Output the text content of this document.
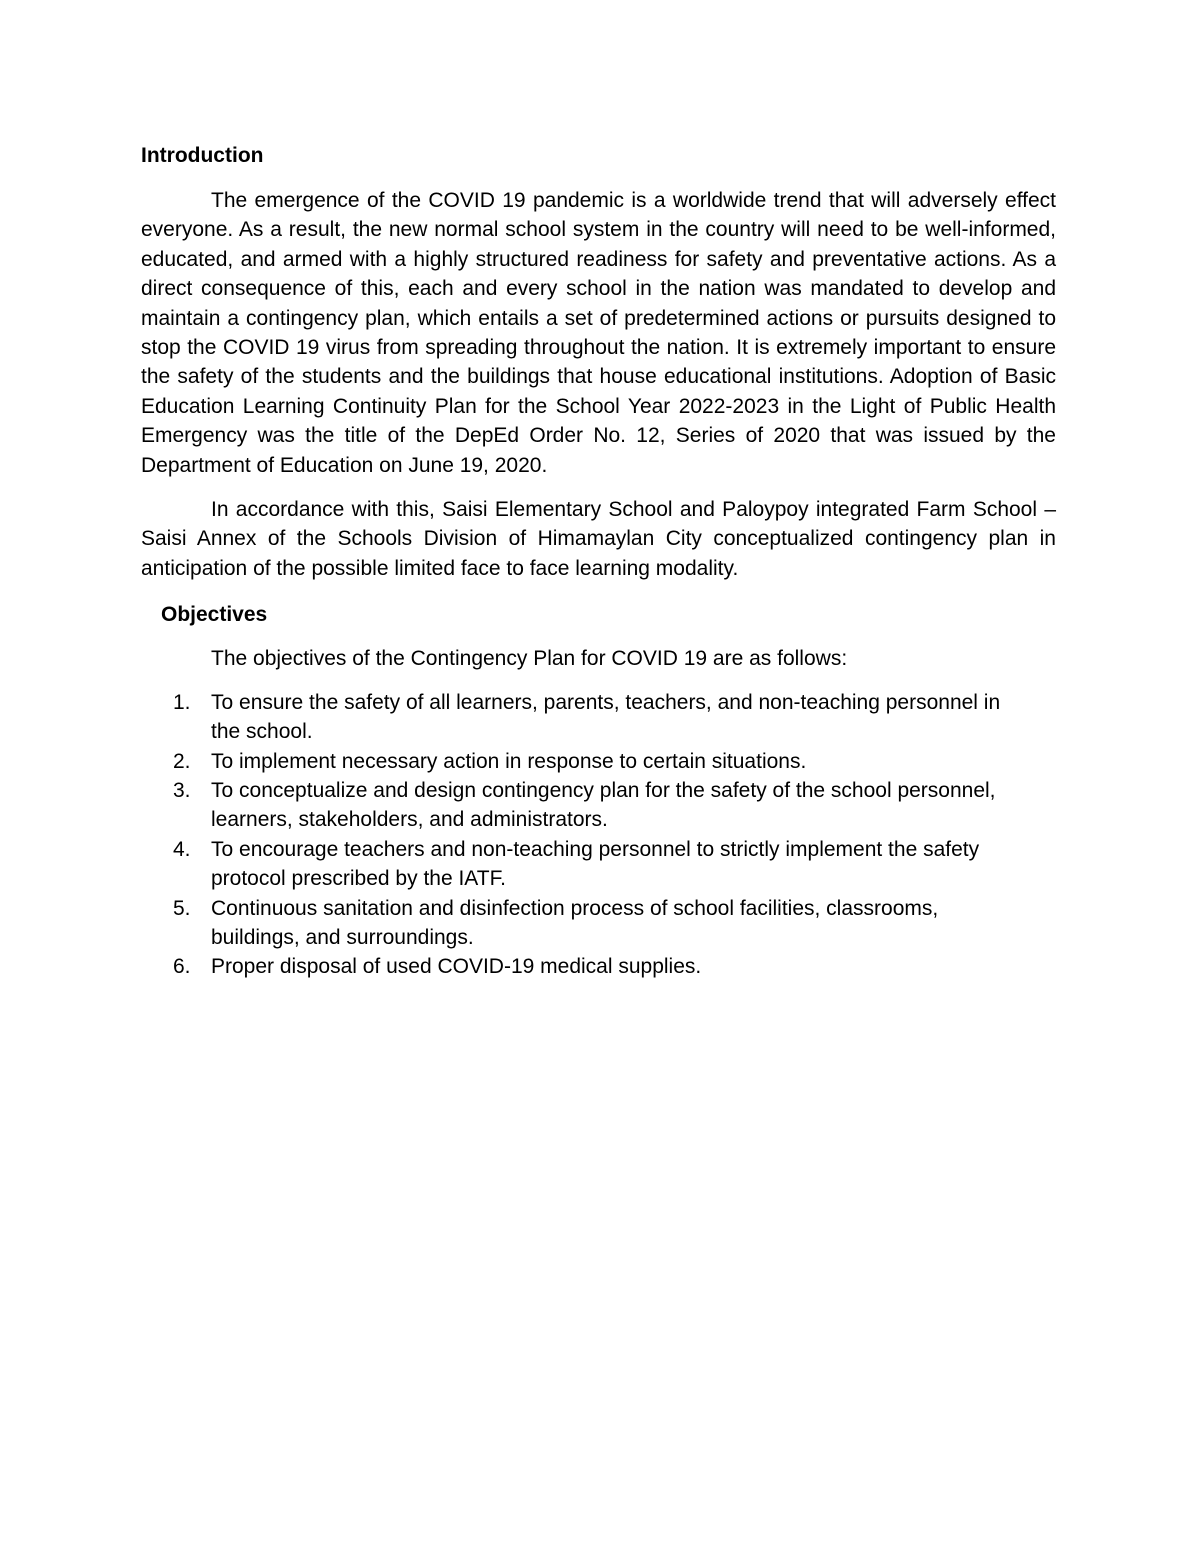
Introduction

The emergence of the COVID 19 pandemic is a worldwide trend that will adversely effect everyone. As a result, the new normal school system in the country will need to be well-informed, educated, and armed with a highly structured readiness for safety and preventative actions. As a direct consequence of this, each and every school in the nation was mandated to develop and maintain a contingency plan, which entails a set of predetermined actions or pursuits designed to stop the COVID 19 virus from spreading throughout the nation. It is extremely important to ensure the safety of the students and the buildings that house educational institutions. Adoption of Basic Education Learning Continuity Plan for the School Year 2022-2023 in the Light of Public Health Emergency was the title of the DepEd Order No. 12, Series of 2020 that was issued by the Department of Education on June 19, 2020.

In accordance with this, Saisi Elementary School and Paloypoy integrated Farm School – Saisi Annex of the Schools Division of Himamaylan City conceptualized contingency plan in anticipation of the possible limited face to face learning modality.

Objectives

The objectives of the Contingency Plan for COVID 19 are as follows:

1. To ensure the safety of all learners, parents, teachers, and non-teaching personnel in the school.
2. To implement necessary action in response to certain situations.
3. To conceptualize and design contingency plan for the safety of the school personnel, learners, stakeholders, and administrators.
4. To encourage teachers and non-teaching personnel to strictly implement the safety protocol prescribed by the IATF.
5. Continuous sanitation and disinfection process of school facilities, classrooms, buildings, and surroundings.
6. Proper disposal of used COVID-19 medical supplies.
